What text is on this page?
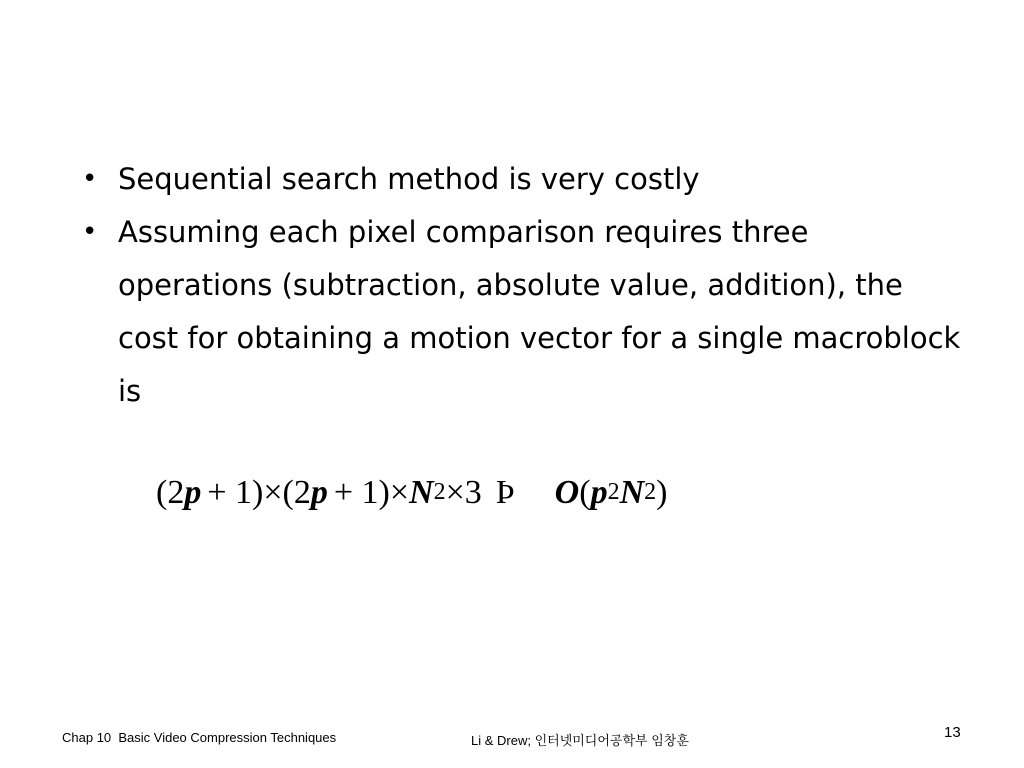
• Sequential search method is very costly
• Assuming each pixel comparison requires three operations (subtraction, absolute value, addition), the cost for obtaining a motion vector for a single macroblock is
(2 p + 1)×(2 $p + 1)\times N^2 \times 3$ Þ O ( $p^2$ $N^2$ )
Chap 10  Basic Video Compression Techniques	Li & Drew; 인터넷미디어공학부 임창훈	13
